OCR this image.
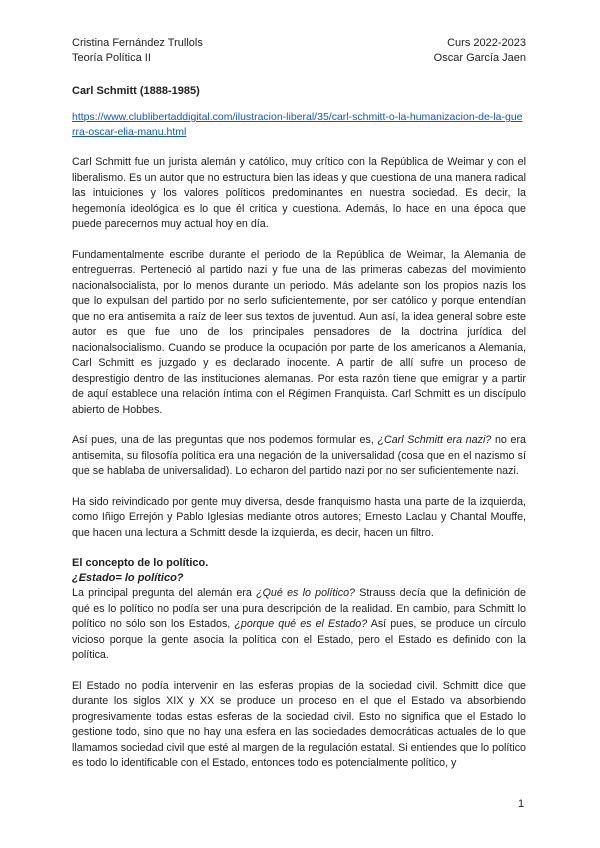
Cristina Fernández Trullols
Teoría Política II
Curs 2022-2023
Oscar García Jaen
Carl Schmitt (1888-1985)
https://www.clublibertaddigital.com/ilustracion-liberal/35/carl-schmitt-o-la-humanizacion-de-la-guerra-oscar-elia-manu.html

Carl Schmitt fue un jurista alemán y católico, muy crítico con la República de Weimar y con el liberalismo. Es un autor que no estructura bien las ideas y que cuestiona de una manera radical las intuiciones y los valores políticos predominantes en nuestra sociedad. Es decir, la hegemonía ideológica es lo que él critica y cuestiona. Además, lo hace en una época que puede parecernos muy actual hoy en día.

Fundamentalmente escribe durante el periodo de la República de Weimar, la Alemania de entreguerras. Perteneció al partido nazi y fue una de las primeras cabezas del movimiento nacionalsocialista, por lo menos durante un periodo. Más adelante son los propios nazis los que lo expulsan del partido por no serlo suficientemente, por ser católico y porque entendían que no era antisemita a raíz de leer sus textos de juventud. Aun así, la idea general sobre este autor es que fue uno de los principales pensadores de la doctrina jurídica del nacionalsocialismo. Cuando se produce la ocupación por parte de los americanos a Alemania, Carl Schmitt es juzgado y es declarado inocente. A partir de allí sufre un proceso de desprestigio dentro de las instituciones alemanas. Por esta razón tiene que emigrar y a partir de aquí establece una relación íntima con el Régimen Franquista. Carl Schmitt es un discípulo abierto de Hobbes.

Así pues, una de las preguntas que nos podemos formular es, ¿Carl Schmitt era nazi? no era antisemita, su filosofía política era una negación de la universalidad (cosa que en el nazismo sí que se hablaba de universalidad). Lo echaron del partido nazi por no ser suficientemente nazi.

Ha sido reivindicado por gente muy diversa, desde franquismo hasta una parte de la izquierda, como Iñigo Errejón y Pablo Iglesias mediante otros autores; Ernesto Laclau y Chantal Mouffe, que hacen una lectura a Schmitt desde la izquierda, es decir, hacen un filtro.

El concepto de lo político.
¿Estado= lo político?

La principal pregunta del alemán era ¿Qué es lo político? Strauss decía que la definición de qué es lo político no podía ser una pura descripción de la realidad. En cambio, para Schmitt lo político no sólo son los Estados, ¿porque qué es el Estado? Así pues, se produce un círculo vicioso porque la gente asocia la política con el Estado, pero el Estado es definido con la política.

El Estado no podía intervenir en las esferas propias de la sociedad civil. Schmitt dice que durante los siglos XIX y XX se produce un proceso en el que el Estado va absorbiendo progresivamente todas estas esferas de la sociedad civil. Esto no significa que el Estado lo gestione todo, sino que no hay una esfera en las sociedades democráticas actuales de lo que llamamos sociedad civil que esté al margen de la regulación estatal. Si entiendes que lo político es todo lo identificable con el Estado, entonces todo es potencialmente político, y

1
